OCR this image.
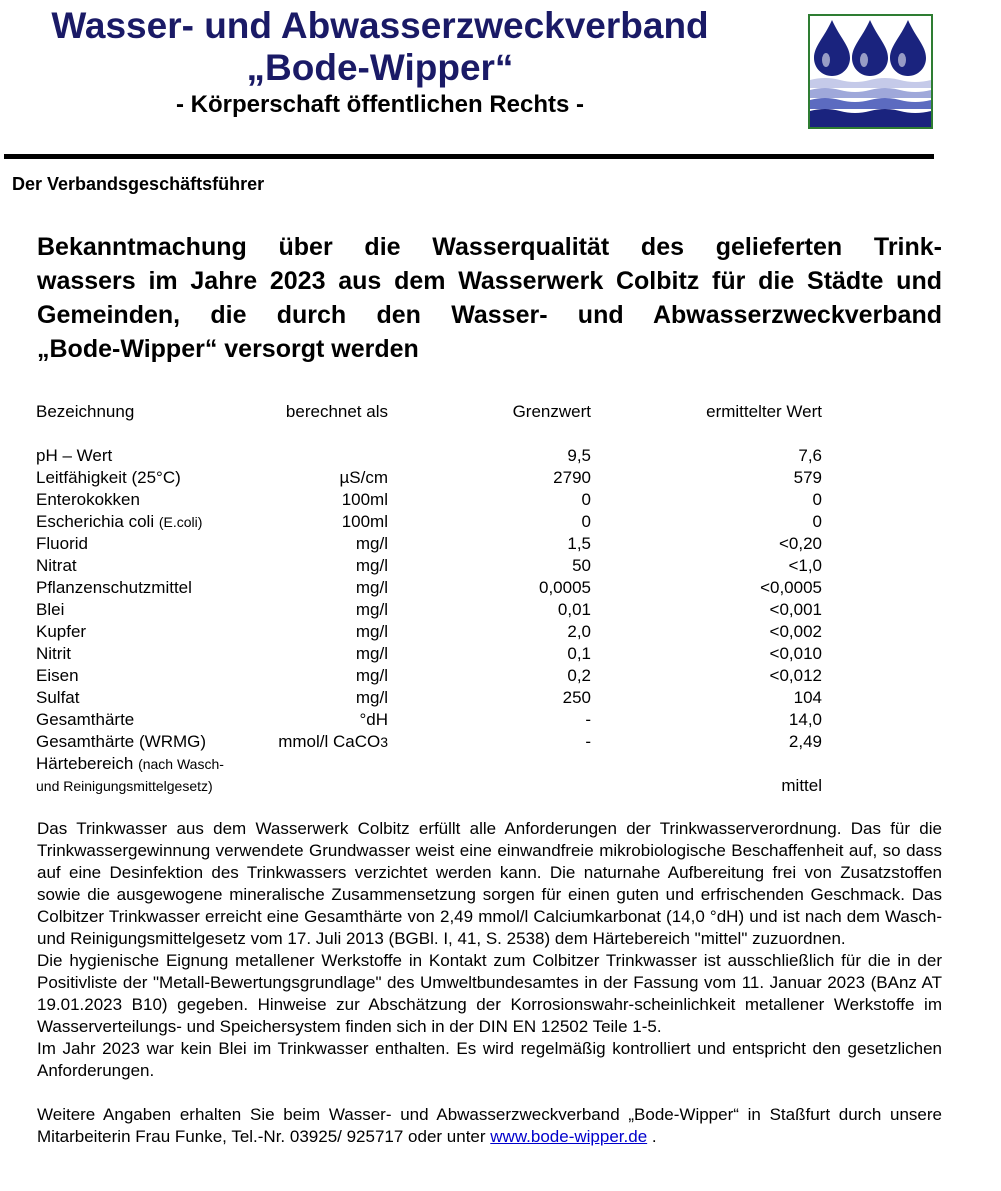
Wasser- und Abwasserzweckverband
„Bode-Wipper“
- Körperschaft öffentlichen Rechts -
Der Verbandsgeschäftsführer
Bekanntmachung über die Wasserqualität des gelieferten Trink-
wassers im Jahre 2023 aus dem Wasserwerk Colbitz für die Städte und
Gemeinden, die durch den Wasser- und Abwasserzweckverband
„Bode-Wipper“ versorgt werden
Bezeichnung	berechnet als	Grenzwert	ermittelter Wert

pH – Wert		9,5	7,6
Leitfähigkeit (25°C)	µS/cm	2790	579
Enterokokken	100ml	0	0
Escherichia coli (E.coli)	100ml	0	0
Fluorid	mg/l	1,5	<0,20
Nitrat	mg/l	50	<1,0
Pflanzenschutzmittel	mg/l	0,0005	<0,0005
Blei	mg/l	0,01	<0,001
Kupfer	mg/l	2,0	<0,002
Nitrit	mg/l	0,1	<0,010
Eisen	mg/l	0,2	<0,012
Sulfat	mg/l	250	104
Gesamthärte	°dH	-	14,0
Gesamthärte (WRMG)	mmol/l CaCO3	-	2,49
Härtebereich (nach Wasch-			
und Reinigungsmittelgesetz)			mittel

Das Trinkwasser aus dem Wasserwerk Colbitz erfüllt alle Anforderungen der Trinkwasserverordnung. Das für die Trinkwassergewinnung verwendete Grundwasser weist eine einwandfreie mikrobiologische Beschaffenheit auf, so dass auf eine Desinfektion des Trinkwassers verzichtet werden kann. Die naturnahe Aufbereitung frei von Zusatzstoffen sowie die ausgewogene mineralische Zusammensetzung sorgen für einen guten und erfrischenden Geschmack. Das Colbitzer Trinkwasser erreicht eine Gesamthärte von 2,49 mmol/l Calciumkarbonat (14,0 °dH) und ist nach dem Wasch- und Reinigungsmittelgesetz vom 17. Juli 2013 (BGBl. I, 41, S. 2538) dem Härtebereich "mittel" zuzuordnen.

Die hygienische Eignung metallener Werkstoffe in Kontakt zum Colbitzer Trinkwasser ist ausschließlich für die in der Positivliste der "Metall-Bewertungsgrundlage" des Umweltbundesamtes in der Fassung vom 11. Januar 2023 (BAnz AT 19.01.2023 B10) gegeben. Hinweise zur Abschätzung der Korrosionswahr-scheinlichkeit metallener Werkstoffe im Wasserverteilungs- und Speichersystem finden sich in der DIN EN 12502 Teile 1-5.

Im Jahr 2023 war kein Blei im Trinkwasser enthalten. Es wird regelmäßig kontrolliert und entspricht den gesetzlichen Anforderungen.

Weitere Angaben erhalten Sie beim Wasser- und Abwasserzweckverband „Bode-Wipper“ in Staßfurt durch unsere Mitarbeiterin Frau Funke, Tel.-Nr. 03925/ 925717 oder unter www.bode-wipper.de .
